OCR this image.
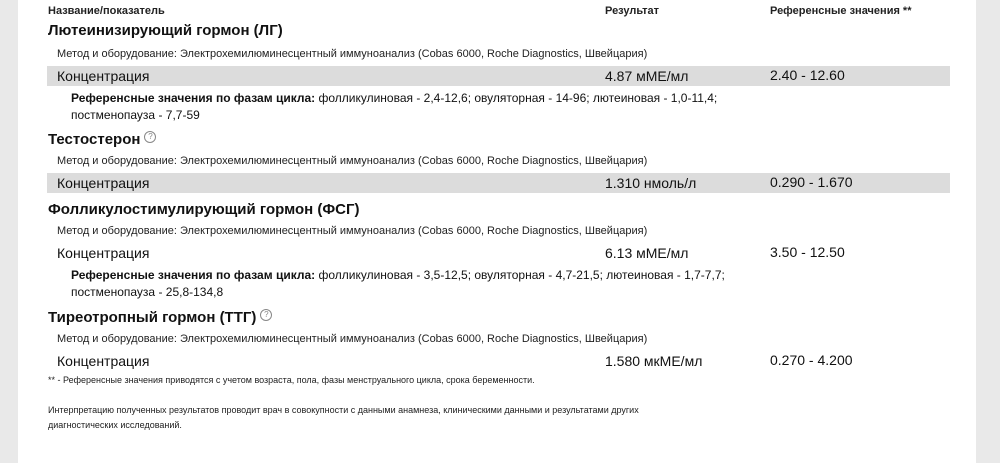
Название/показатель	Результат	Референсные значения **
Лютеинизирующий гормон (ЛГ)
Метод и оборудование: Электрохемилюминесцентный иммуноанализ (Cobas 6000, Roche Diagnostics, Швейцария)
Концентрация	4.87 мМЕ/мл	2.40 - 12.60
Референсные значения по фазам цикла: фолликулиновая - 2,4-12,6; овуляторная - 14-96; лютеиновая - 1,0-11,4;
постменопауза - 7,7-59
Тестостерон ?
Метод и оборудование: Электрохемилюминесцентный иммуноанализ (Cobas 6000, Roche Diagnostics, Швейцария)
Концентрация	1.310 нмоль/л	0.290 - 1.670
Фолликулостимулирующий гормон (ФСГ)
Метод и оборудование: Электрохемилюминесцентный иммуноанализ (Cobas 6000, Roche Diagnostics, Швейцария)
Концентрация	6.13 мМЕ/мл	3.50 - 12.50
Референсные значения по фазам цикла: фолликулиновая - 3,5-12,5; овуляторная - 4,7-21,5; лютеиновая - 1,7-7,7;
постменопауза - 25,8-134,8
Тиреотропный гормон (ТТГ) ?
Метод и оборудование: Электрохемилюминесцентный иммуноанализ (Cobas 6000, Roche Diagnostics, Швейцария)
Концентрация	1.580 мкМЕ/мл	0.270 - 4.200
** - Референсные значения приводятся с учетом возраста, пола, фазы менструального цикла, срока беременности.
Интерпретацию полученных результатов проводит врач в совокупности с данными анамнеза, клиническими данными и результатами других
диагностических исследований.
